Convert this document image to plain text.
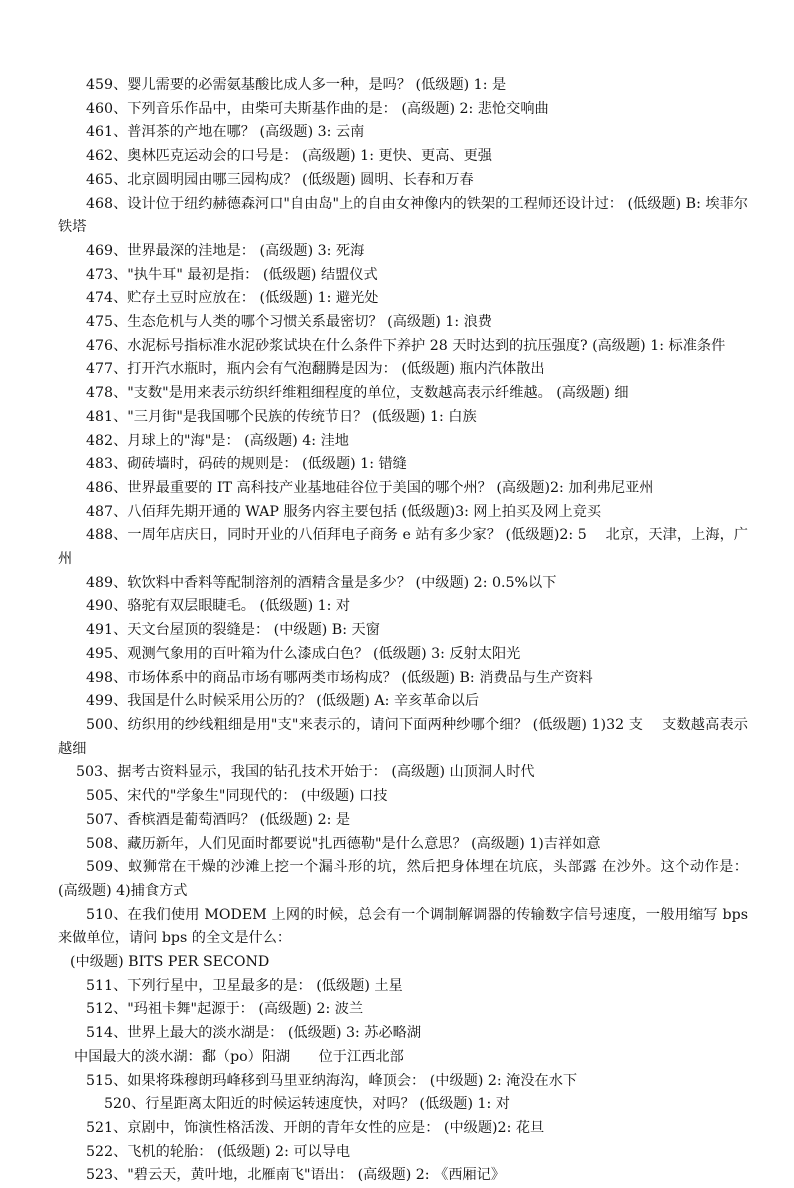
459、婴儿需要的必需氨基酸比成人多一种，是吗？ (低级题) 1: 是

460、下列音乐作品中，由柴可夫斯基作曲的是： (高级题) 2: 悲怆交响曲

461、普洱茶的产地在哪？ (高级题) 3: 云南

462、奥林匹克运动会的口号是： (高级题) 1: 更快、更高、更强

465、北京圆明园由哪三园构成？ (低级题) 圆明、长春和万春

468、设计位于纽约赫德森河口"自由岛"上的自由女神像内的铁架的工程师还设计过： (低级题) B: 埃菲尔铁塔

469、世界最深的洼地是： (高级题) 3: 死海

473、"执牛耳" 最初是指： (低级题) 结盟仪式

474、贮存土豆时应放在： (低级题) 1: 避光处

475、生态危机与人类的哪个习惯关系最密切？ (高级题) 1: 浪费

476、水泥标号指标准水泥砂浆试块在什么条件下养护 28 天时达到的抗压强度? (高级题) 1: 标准条件

477、打开汽水瓶时，瓶内会有气泡翻腾是因为： (低级题) 瓶内汽体散出

478、"支数"是用来表示纺织纤维粗细程度的单位，支数越高表示纤维越。 (高级题) 细

481、"三月街"是我国哪个民族的传统节日？ (低级题) 1: 白族

482、月球上的"海"是： (高级题) 4: 洼地

483、砌砖墙时，码砖的规则是： (低级题) 1: 错缝

486、世界最重要的 IT 高科技产业基地硅谷位于美国的哪个州？ (高级题)2: 加利弗尼亚州

487、八佰拜先期开通的 WAP 服务内容主要包括 (低级题)3: 网上拍买及网上竞买

488、一周年店庆日，同时开业的八佰拜电子商务 e 站有多少家？ (低级题)2: 5　 北京，天津，上海，广州

489、软饮料中香料等配制溶剂的酒精含量是多少？ (中级题) 2: 0.5%以下

490、骆驼有双层眼睫毛。 (低级题) 1: 对

491、天文台屋顶的裂缝是： (中级题) B: 天窗

495、观测气象用的百叶箱为什么漆成白色？ (低级题) 3: 反射太阳光

498、市场体系中的商品市场有哪两类市场构成？ (低级题) B: 消费品与生产资料

499、我国是什么时候采用公历的？ (低级题) A: 辛亥革命以后

500、纺织用的纱线粗细是用"支"来表示的，请问下面两种纱哪个细？ (低级题) 1)32 支　 支数越高表示越细

503、据考古资料显示，我国的钻孔技术开始于： (高级题) 山顶洞人时代

505、宋代的"学象生"同现代的： (中级题) 口技

507、香槟酒是葡萄酒吗？ (低级题) 2: 是

508、藏历新年，人们见面时都要说"扎西德勒"是什么意思？ (高级题) 1)吉祥如意

509、蚁狮常在干燥的沙滩上挖一个漏斗形的坑，然后把身体埋在坑底，头部露 在沙外。这个动作是： (高级题) 4)捕食方式

510、在我们使用 MODEM 上网的时候，总会有一个调制解调器的传输数字信号速度，一般用缩写 bps 来做单位，请问 bps 的全文是什么：

(中级题) BITS PER SECOND

511、下列行星中，卫星最多的是： (低级题) 土星

512、"玛祖卡舞"起源于： (高级题) 2: 波兰

514、世界上最大的淡水湖是： (低级题) 3: 苏必略湖

中国最大的淡水湖：鄱（po）阳湖　　位于江西北部

515、如果将珠穆朗玛峰移到马里亚纳海沟，峰顶会： (中级题) 2: 淹没在水下

520、行星距离太阳近的时候运转速度快，对吗？ (低级题) 1: 对

521、京剧中，饰演性格活泼、开朗的青年女性的应是： (中级题)2: 花旦

522、飞机的轮胎： (低级题) 2: 可以导电

523、"碧云天，黄叶地，北雁南飞"语出： (高级题) 2: 《西厢记》
